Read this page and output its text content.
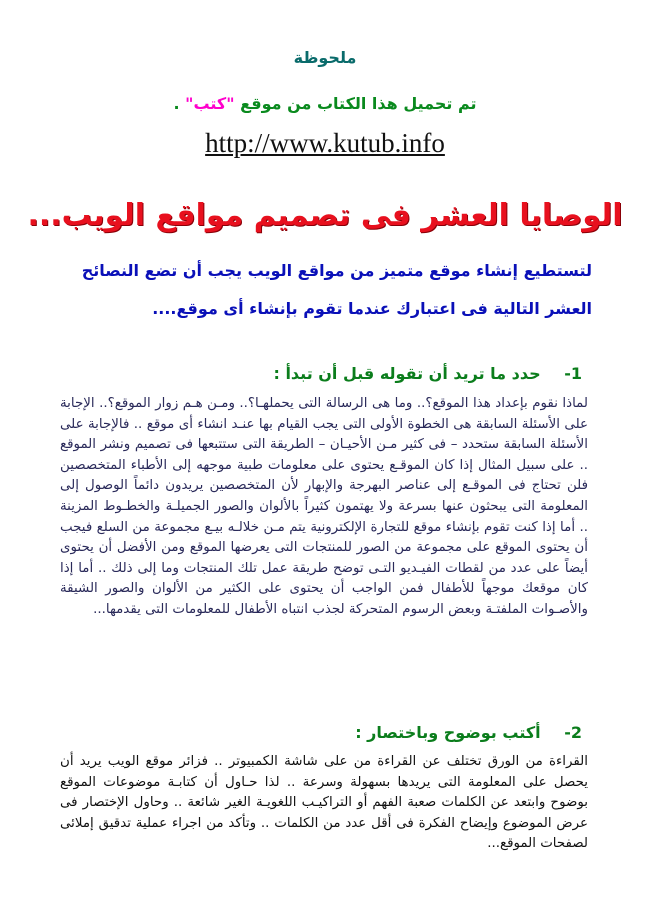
ملحوظة
تم تحميل هذا الكتاب من موقع "كتب" .
http://www.kutub.info
الوصايا العشر فى تصميم مواقع الويب...
لتستطيع إنشاء موقع متميز من مواقع الويب يجب أن تضع النصائح العشر التالية فى اعتبارك عندما تقوم بإنشاء أى موقع....
1- حدد ما تريد أن تقوله قبل أن تبدأ :
لماذا نقوم بإعداد هذا الموقع؟.. وما هى الرسالة التى يحملهـا؟.. ومـن هـم زوار الموقع؟.. الإجابة على الأسئلة السابقة هى الخطوة الأولى التى يجب القيام بها عنـد انشاء أى موقع .. فالإجابة على الأسئلة السابقة ستحدد – فى كثير مـن الأحيـان – الطريقة التى ستتبعها فى تصميم ونشر الموقع .. على سبيل المثال إذا كان الموقـع يحتوى على معلومات طبية موجهه إلى الأطباء المتخصصين فلن تحتاج فى الموقـع إلى عناصر البهرجة والإبهار لأن المتخصصين يريدون دائماً الوصول إلى المعلومة التى يبحثون عنها بسرعة ولا يهتمون كثيراً بالألوان والصور الجميلـة والخطـوط المزينة .. أما إذا كنت تقوم بإنشاء موقع للتجارة الإلكترونية يتم مـن خلالـه بيـع مجموعة من السلع فيجب أن يحتوى الموقع على مجموعة من الصور للمنتجات التى يعرضها الموقع ومن الأفضل أن يحتوى أيضاً على عدد من لقطات الفيـديو التـى توضح طريقة عمل تلك المنتجات وما إلى ذلك .. أما إذا كان موقعك موجهاً للأطفال فمن الواجب أن يحتوى على الكثير من الألوان والصور الشيقة والأصـوات الملفتـة وبعض الرسوم المتحركة لجذب انتباه الأطفال للمعلومات التى يقدمها...
2- أكتب بوضوح وباختصار :
القراءة من الورق تختلف عن القراءة من على شاشة الكمبيوتر .. فزائر موقع الويب يريد أن يحصل على المعلومة التى يريدها بسهولة وسرعة .. لذا حـاول أن كتابـة موضوعات الموقع بوضوح وابتعد عن الكلمات صعبة الفهم أو التراكيـب اللغويـة الغير شائعة .. وحاول الإختصار فى عرض الموضوع وإيضاح الفكرة فى أقل عدد من الكلمات .. وتأكد من اجراء عملية تدقيق إملائى لصفحات الموقع...
